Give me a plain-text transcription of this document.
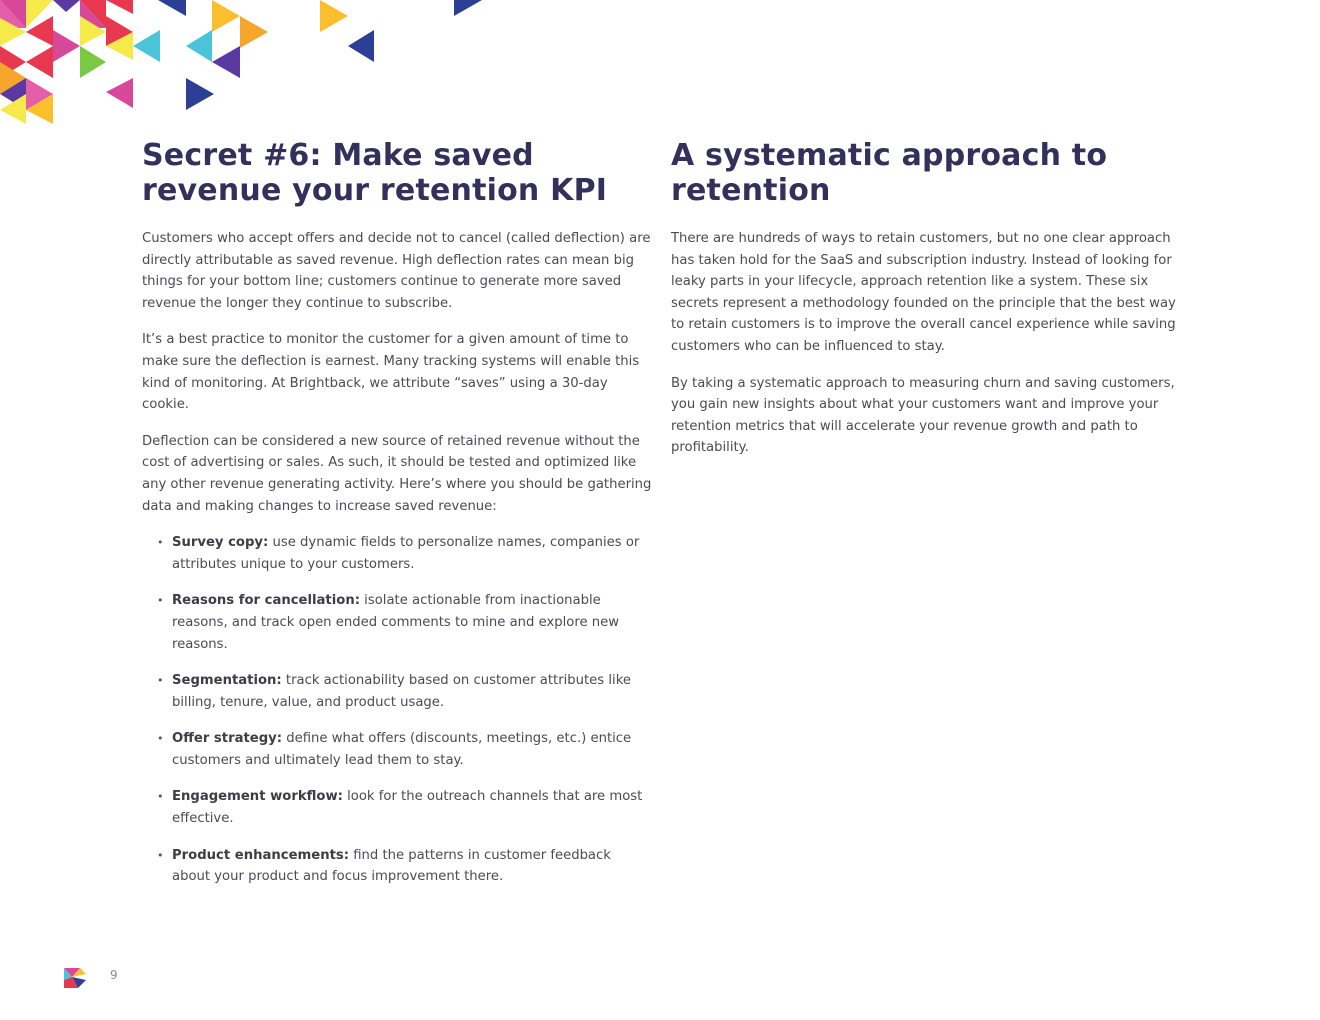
Secret #6: Make saved revenue your retention KPI

Customers who accept offers and decide not to cancel (called deflection) are directly attributable as saved revenue. High deflection rates can mean big things for your bottom line; customers continue to generate more saved revenue the longer they continue to subscribe.

It’s a best practice to monitor the customer for a given amount of time to make sure the deflection is earnest. Many tracking systems will enable this kind of monitoring. At Brightback, we attribute “saves” using a 30-day cookie.

Deflection can be considered a new source of retained revenue without the cost of advertising or sales. As such, it should be tested and optimized like any other revenue generating activity. Here’s where you should be gathering data and making changes to increase saved revenue:

• Survey copy: use dynamic fields to personalize names, companies or attributes unique to your customers.
• Reasons for cancellation: isolate actionable from inactionable reasons, and track open ended comments to mine and explore new reasons.
• Segmentation: track actionability based on customer attributes like billing, tenure, value, and product usage.
• Offer strategy: define what offers (discounts, meetings, etc.) entice customers and ultimately lead them to stay.
• Engagement workflow: look for the outreach channels that are most effective.
• Product enhancements: find the patterns in customer feedback about your product and focus improvement there.
A systematic approach to retention

There are hundreds of ways to retain customers, but no one clear approach has taken hold for the SaaS and subscription industry. Instead of looking for leaky parts in your lifecycle, approach retention like a system. These six secrets represent a methodology founded on the principle that the best way to retain customers is to improve the overall cancel experience while saving customers who can be influenced to stay.

By taking a systematic approach to measuring churn and saving customers, you gain new insights about what your customers want and improve your retention metrics that will accelerate your revenue growth and path to profitability.

9
